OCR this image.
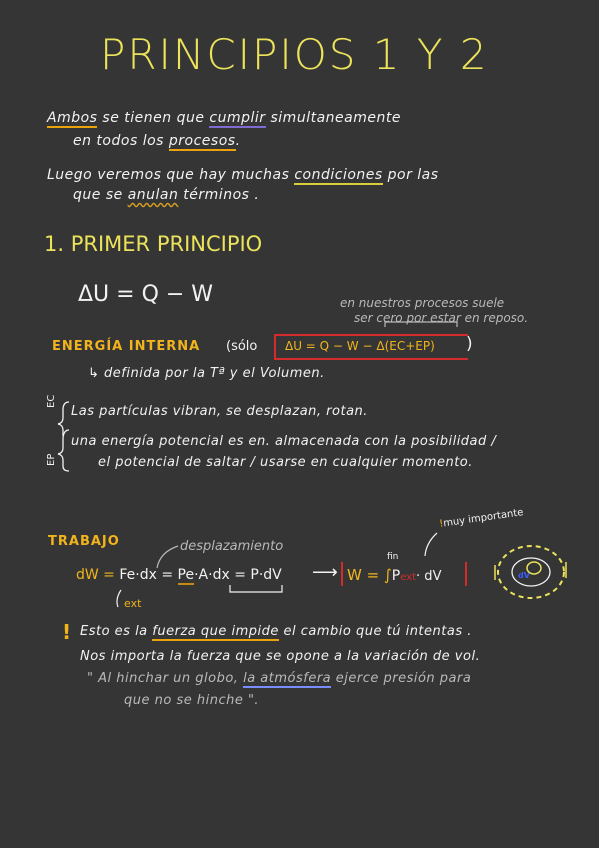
PRINCIPIOS 1 Y 2
Ambos se tienen que cumplir simultaneamente
en todos los procesos.
Luego veremos que hay muchas condiciones por las
que se anulan términos .
1. PRIMER PRINCIPIO
ΔU = Q − W	en nuestros procesos suele
ser cero por estar en reposo.
ENERGÍA INTERNA (sólo ΔU = Q − W − Δ(EC+EP) )
↳ definida por la Tª y el Volumen.
EC
EP
Las partículas vibran, se desplazan, rotan.
una energía potencial es en. almacenada con la posibilidad /
el potencial de saltar / usarse en cualquier momento.
TRABAJO	desplazamiento
dW = Fe·dx = Pe·A·dx = P·dV ⟶
ext
W = ∫Pext· dV
fin
!muy importante
dV
! Esto es la fuerza que impide el cambio que tú intentas .
Nos importa la fuerza que se opone a la variación de vol.
" Al hinchar un globo, la atmósfera ejerce presión para
que no se hinche ".
